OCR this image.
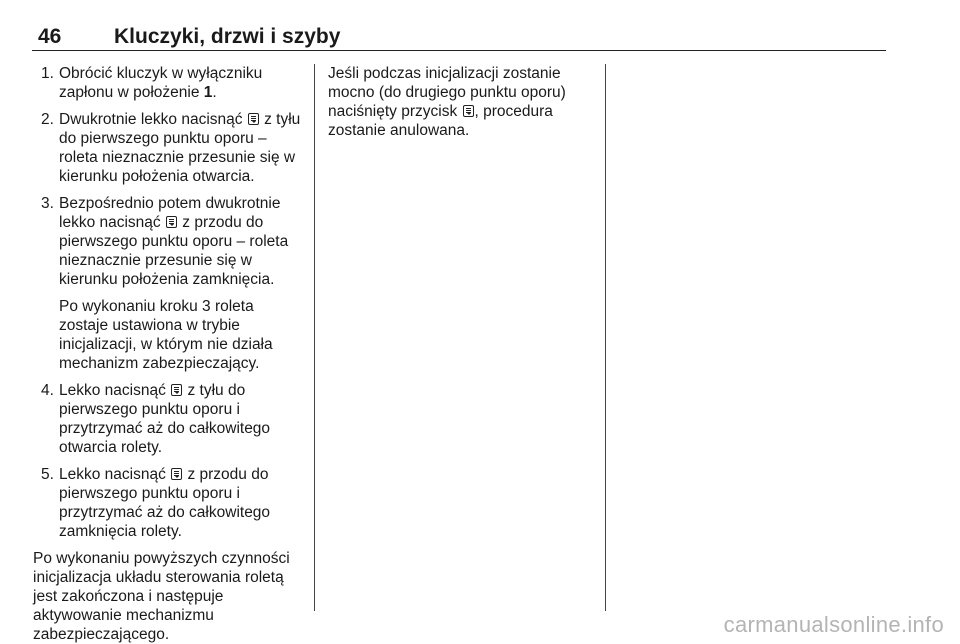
46	Kluczyki, drzwi i szyby
1. Obrócić kluczyk w wyłączniku zapłonu w położenie 1.
2. Dwukrotnie lekko nacisnąć  z tyłu do pierwszego punktu oporu – roleta nieznacznie przesunie się w kierunku położenia otwarcia.
3. Bezpośrednio potem dwukrotnie lekko nacisnąć  z przodu do pierwszego punktu oporu – roleta nieznacznie przesunie się w kierunku położenia zamknięcia.
Po wykonaniu kroku 3 roleta zostaje ustawiona w trybie inicjalizacji, w którym nie działa mechanizm zabezpieczający.
4. Lekko nacisnąć  z tyłu do pierwszego punktu oporu i przytrzymać aż do całkowitego otwarcia rolety.
5. Lekko nacisnąć  z przodu do pierwszego punktu oporu i przytrzymać aż do całkowitego zamknięcia rolety.
Po wykonaniu powyższych czynności inicjalizacja układu sterowania roletą jest zakończona i następuje aktywowanie mechanizmu zabezpieczającego.
Jeśli podczas inicjalizacji zostanie mocno (do drugiego punktu oporu) naciśnięty przycisk , procedura zostanie anulowana.
carmanualsonline.info
